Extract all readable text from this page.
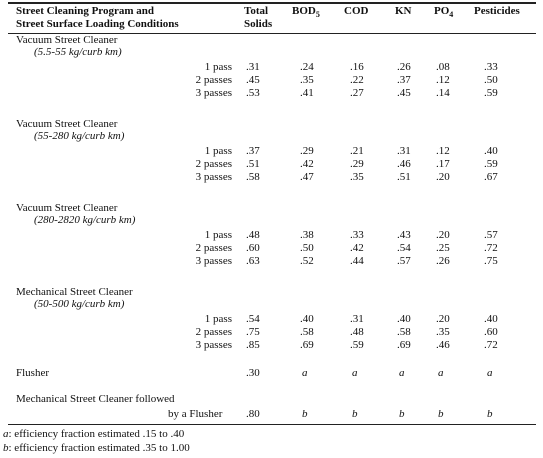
Street Cleaning Program and
Street Surface Loading Conditions
Total
Solids
$BOD_5$ COD KN $PO_4$ Pesticides
Vacuum Street Cleaner
(5.5-55 kg/curb km)
1 pass .31	.24	.16	.26 .08	.33
2 passes .45	.35	.22	.37 .12	.50
3 passes .53	.41	.27	.45 .14	.59
Vacuum Street Cleaner
(55-280 kg/curb km)
1 pass .37	.29	.21	.31 .12	.40
2 passes .51	.42	.29	.46 .17	.59
3 passes .58	.47	.35	.51 .20	.67
Vacuum Street Cleaner
(280-2820 kg/curb km)
1 pass .48	.38	.33	.43 .20	.57
2 passes .60	.50	.42	.54 .25	.72
3 passes .63	.52	.44	.57 .26	.75
Mechanical Street Cleaner
(50-500 kg/curb km)
1 pass .54	.40	.31	.40 .20	.40
2 passes .75	.58	.48	.58 .35	.60
3 passes .85	.69	.59	.69 .46	.72
Flusher	.30	a	a	a	a	a
Mechanical Street Cleaner followed
by a Flusher .80	b	b	b	b	b
a: efficiency fraction estimated .15 to .40
b: efficiency fraction estimated .35 to 1.00
